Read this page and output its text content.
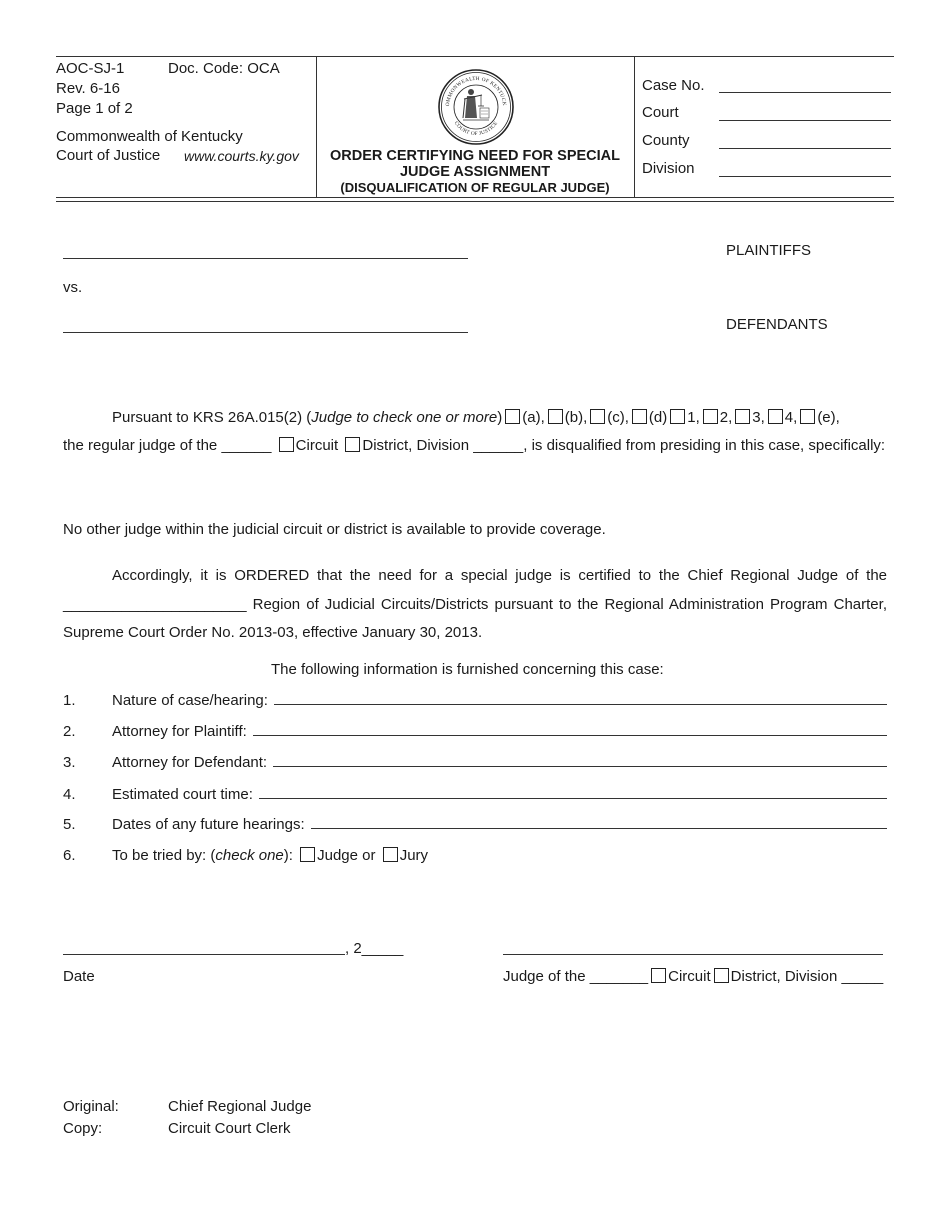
AOC-SJ-1	Doc. Code: OCA
Rev. 6-16
Page 1 of 2
Commonwealth of Kentucky
Court of Justice www.courts.ky.gov
OMMONWEALTH OF KENTUCK
COURT OF JUSTICE
ORDER CERTIFYING NEED FOR SPECIAL
JUDGE ASSIGNMENT
(DISQUALIFICATION OF REGULAR JUDGE)
Case No.
Court
County
Division
PLAINTIFFS
vs.
DEFENDANTS
Pursuant to KRS 26A.015(2) (Judge to check one or more) (a), (b), (c), (d) 1, 2, 3, 4, (e),
the regular judge of the ______ Circuit District, Division ______, is disqualified from presiding in this case, specifically:
No other judge within the judicial circuit or district is available to provide coverage.
Accordingly, it is ORDERED that the need for a special judge is certified to the Chief Regional Judge of the
______________________ Region of Judicial Circuits/Districts pursuant to the Regional Administration Program Charter,
Supreme Court Order No. 2013-03, effective January 30, 2013.
The following information is furnished concerning this case:
1. Nature of case/hearing:
2. Attorney for Plaintiff:
3. Attorney for Defendant:
4. Estimated court time:
5. Dates of any future hearings:
6. To be tried by: (check one): Judge or Jury
, 2_____
Date	Judge of the _______ Circuit District, Division _____
Original:	Chief Regional Judge
Copy:	Circuit Court Clerk
